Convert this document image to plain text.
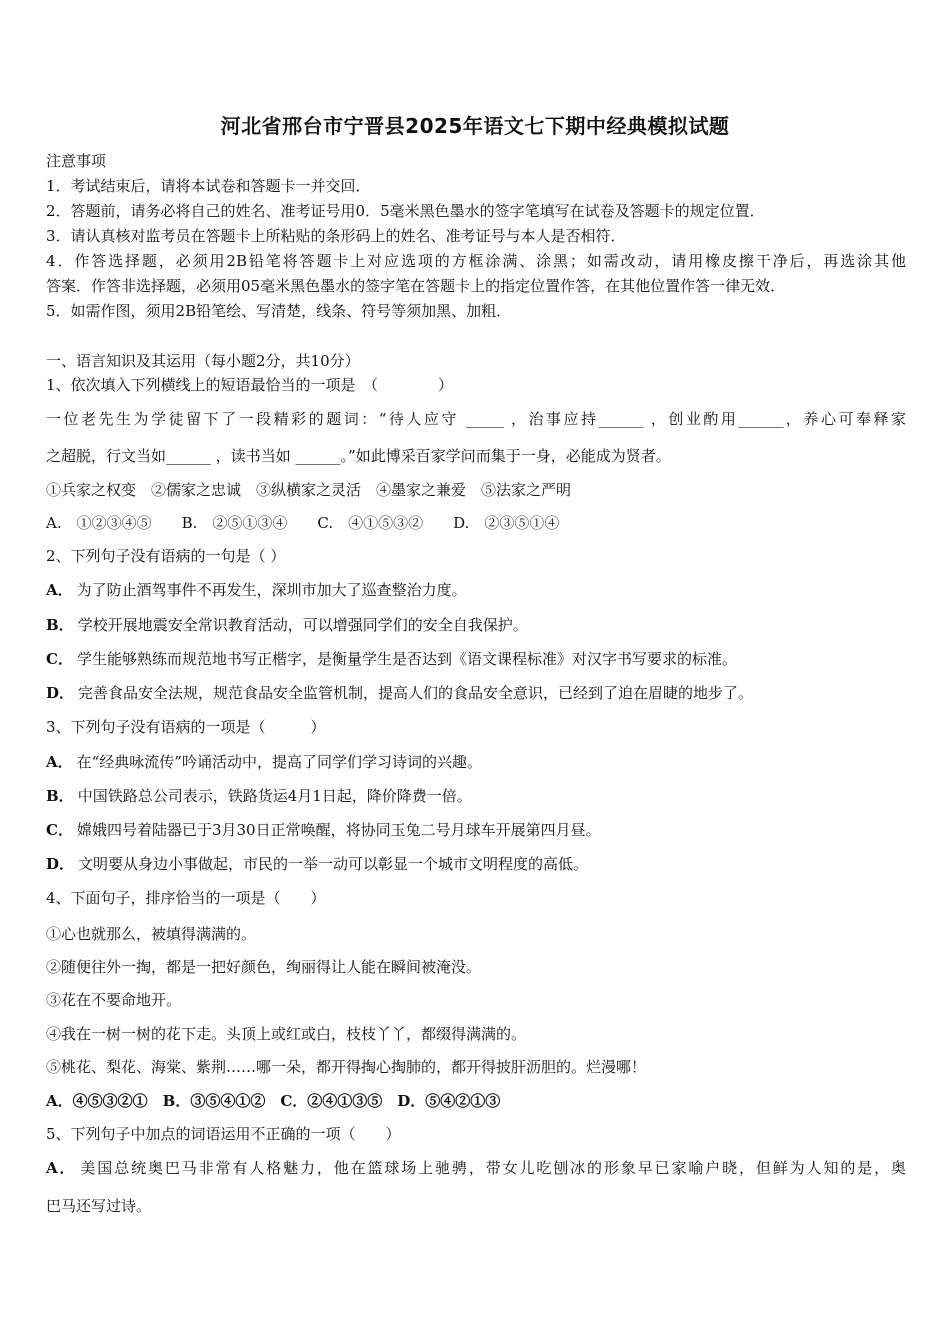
河北省邢台市宁晋县2025年语文七下期中经典模拟试题
注意事项
1．考试结束后，请将本试卷和答题卡一并交回．
2．答题前，请务必将自己的姓名、准考证号用0．5毫米黑色墨水的签字笔填写在试卷及答题卡的规定位置．
3．请认真核对监考员在答题卡上所粘贴的条形码上的姓名、准考证号与本人是否相符．
4．作答选择题，必须用2B铅笔将答题卡上对应选项的方框涂满、涂黑；如需改动，请用橡皮擦干净后，再选涂其他
答案．作答非选择题，必须用05毫米黑色墨水的签字笔在答题卡上的指定位置作答，在其他位置作答一律无效．
5．如需作图，须用2B铅笔绘、写清楚，线条、符号等须加黑、加粗．
一、语言知识及其运用（每小题2分，共10分）
1、依次填入下列横线上的短语最恰当的一项是　（　　　　）
一位老先生为学徒留下了一段精彩的题词：“待人应守 _____ ，治事应持______ ，创业酌用______，养心可奉释家
之超脱，行文当如______ ，读书当如 ______。”如此博采百家学问而集于一身，必能成为贤者。
①兵家之权变　②儒家之忠诚　③纵横家之灵活　④墨家之兼爱　⑤法家之严明
A.　①②③④⑤　　B.　②⑤①③④　　C.　④①⑤③②　　D.　②③⑤①④
2、下列句子没有语病的一句是（ ）
A． 为了防止酒驾事件不再发生，深圳市加大了巡查整治力度。
B． 学校开展地震安全常识教育活动，可以增强同学们的安全自我保护。
C． 学生能够熟练而规范地书写正楷字，是衡量学生是否达到《语文课程标准》对汉字书写要求的标准。
D． 完善食品安全法规，规范食品安全监管机制，提高人们的食品安全意识，已经到了迫在眉睫的地步了。
3、下列句子没有语病的一项是（　　　）
A． 在“经典咏流传”吟诵活动中，提高了同学们学习诗词的兴趣。
B． 中国铁路总公司表示，铁路货运4月1日起，降价降费一倍。
C． 嫦娥四号着陆器已于3月30日正常唤醒，将协同玉兔二号月球车开展第四月昼。
D． 文明要从身边小事做起，市民的一举一动可以彰显一个城市文明程度的高低。
4、下面句子，排序恰当的一项是（　　）
①心也就那么，被填得满满的。
②随便往外一掏，都是一把好颜色，绚丽得让人能在瞬间被淹没。
③花在不要命地开。
④我在一树一树的花下走。头顶上或红或白，枝枝丫丫，都缀得满满的。
⑤桃花、梨花、海棠、紫荆……哪一朵，都开得掏心掏肺的，都开得披肝沥胆的。烂漫哪！
A．④⑤③②①　B．③⑤④①②　C．②④①③⑤　D．⑤④②①③
5、下列句子中加点的词语运用不正确的一项（　　）
A． 美国总统奥巴马非常有人格魅力，他在篮球场上驰骋，带女儿吃刨冰的形象早已家喻户晓，但鲜为人知的是，奥
巴马还写过诗。
